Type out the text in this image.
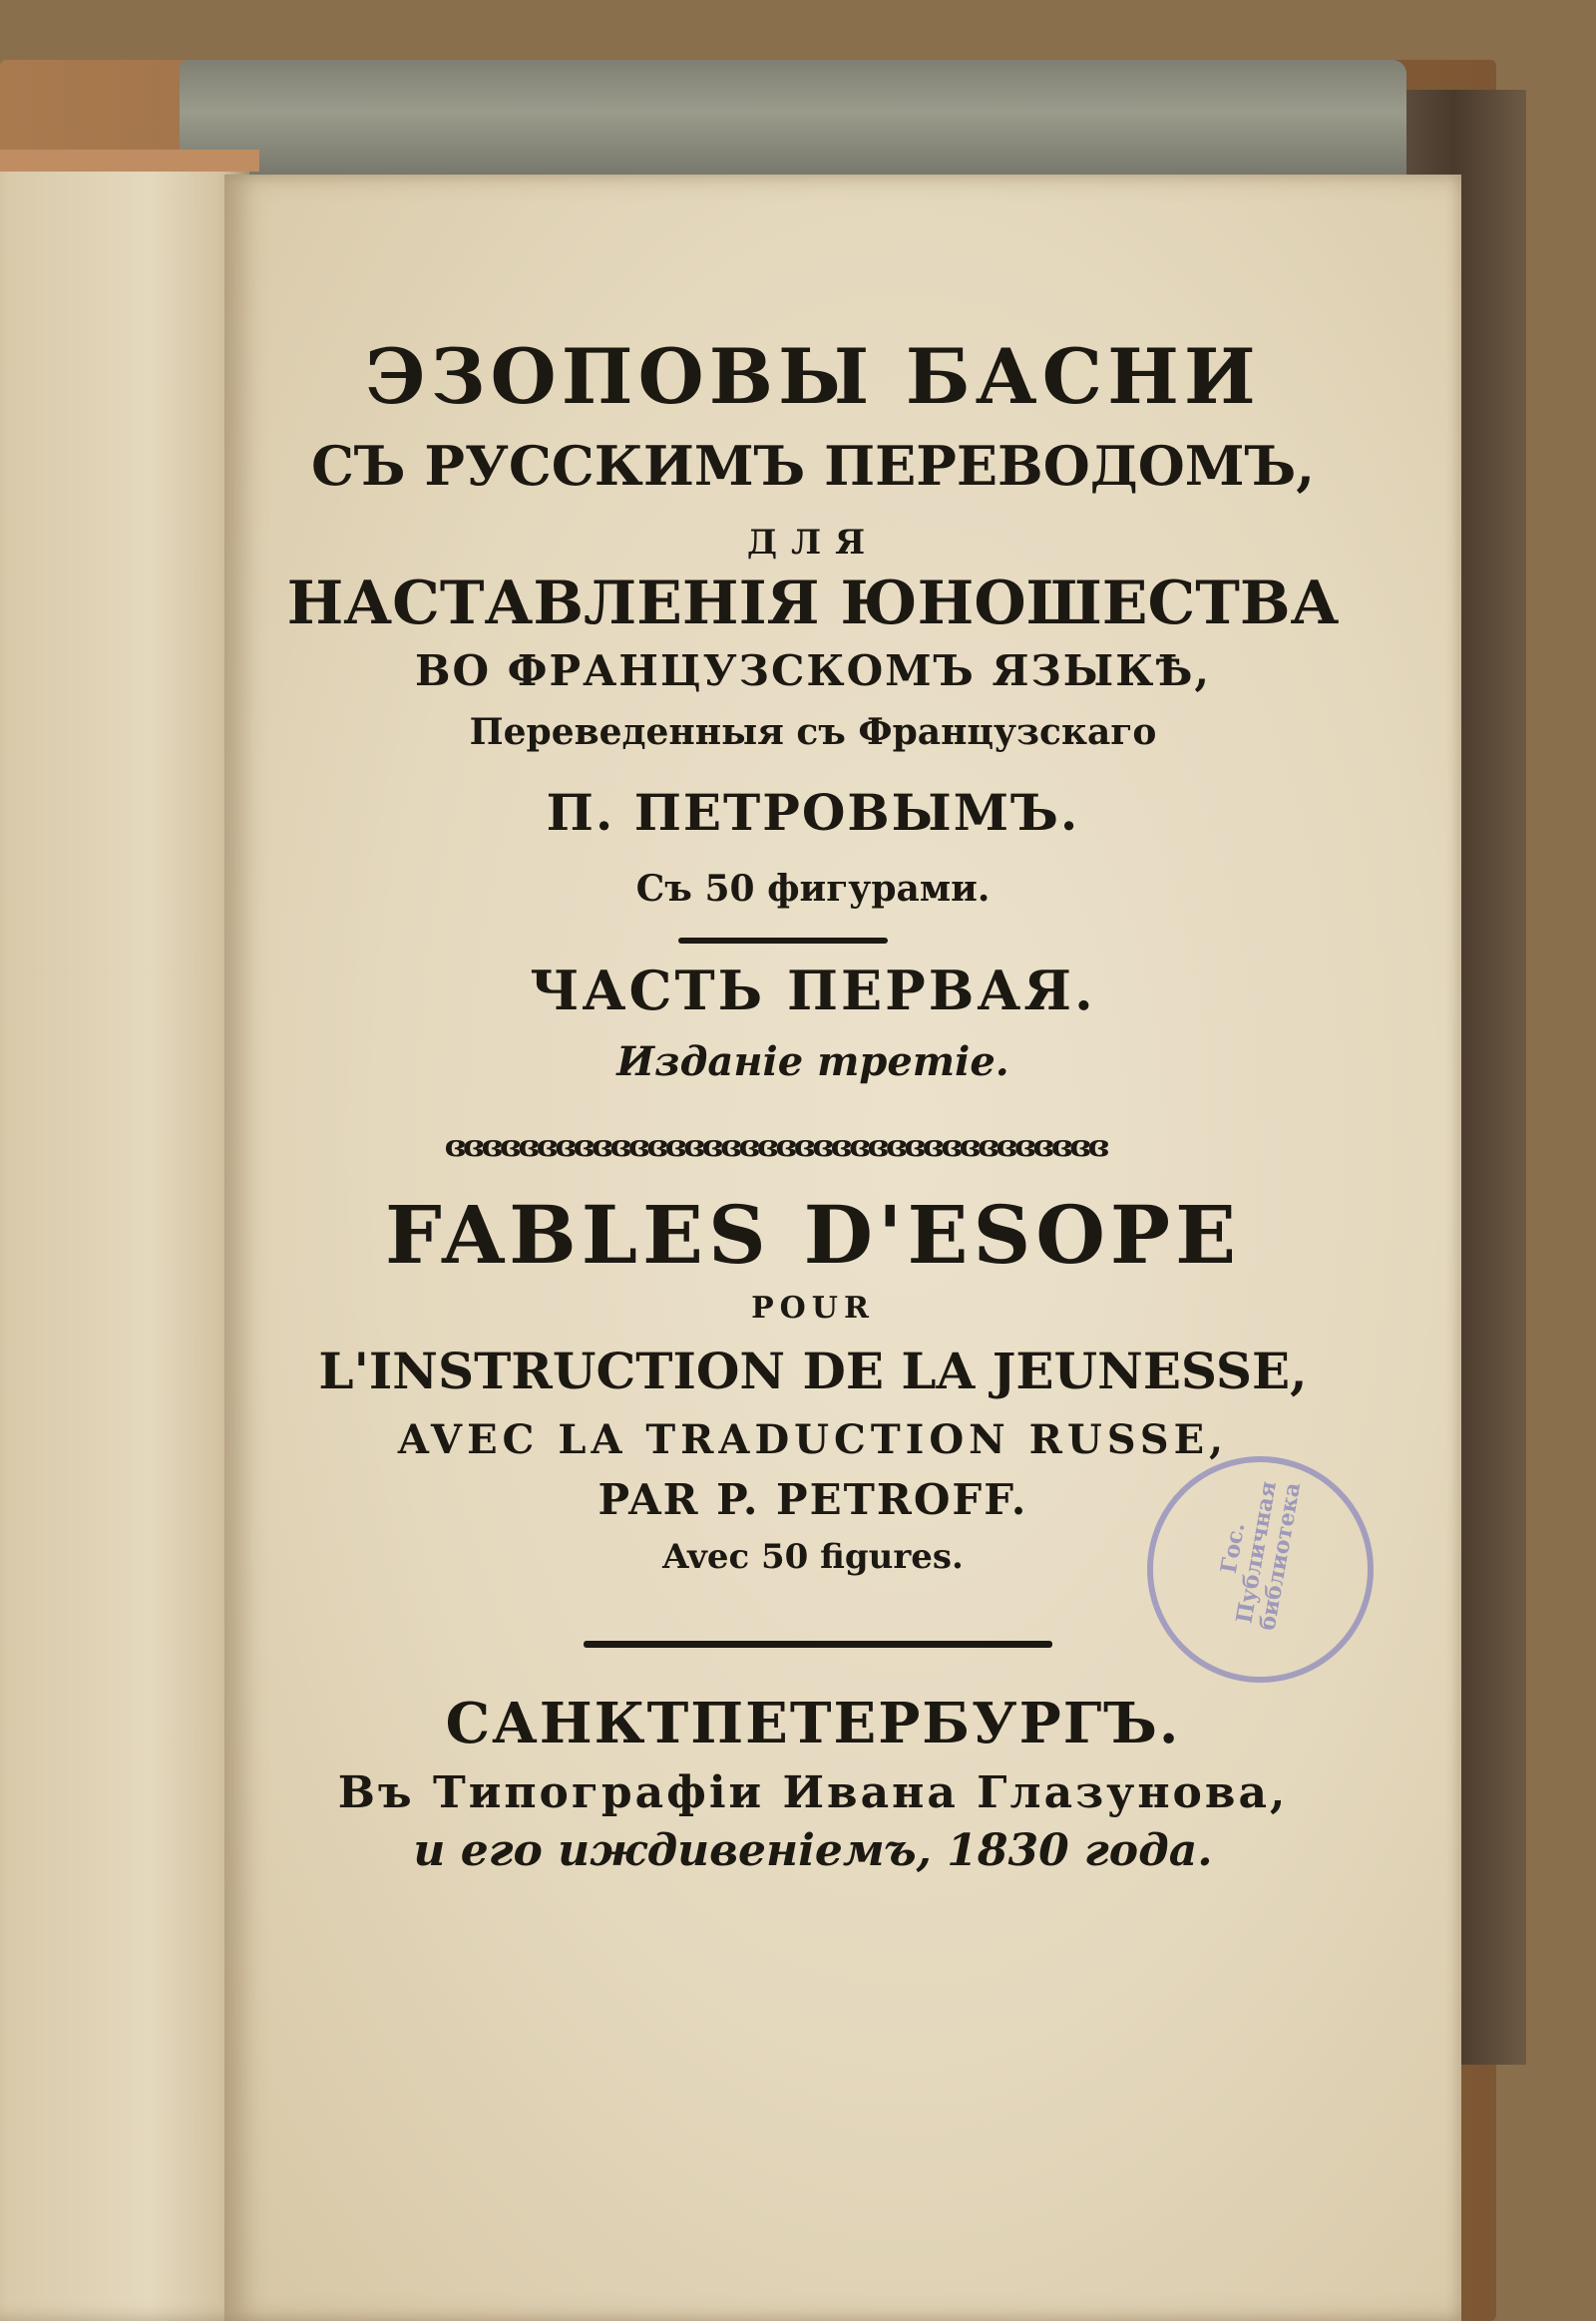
ЭЗОПОВЫ БАСНИ
СЪ РУССКИМЪ ПЕРЕВОДОМЪ,
ДЛЯ
НАСТАВЛЕНІЯ ЮНОШЕСТВА
ВО ФРАНЦУЗСКОМЪ ЯЗЫКѢ,
Переведенныя съ Французскаго
П. ПЕТРОВЫМЪ.
Съ 50 фигурами.
ЧАСТЬ ПЕРВАЯ.
Изданіе третіе.
ɞɞɞɞɞɞɞɞɞɞɞɞɞɞɞɞɞɞɞɞɞɞɞɞɞɞɞɞɞɞɞɞɞɞɞɞ
FABLES D'ESOPE
POUR
L'INSTRUCTION DE LA JEUNESSE,
AVEC LA TRADUCTION RUSSE,
PAR P. PETROFF.
Avec 50 figures.
САНКТПЕТЕРБУРГЪ.
Въ Типографіи Ивана Глазунова,
и его иждивеніемъ, 1830 года.
Гос. Публичная библиотека
